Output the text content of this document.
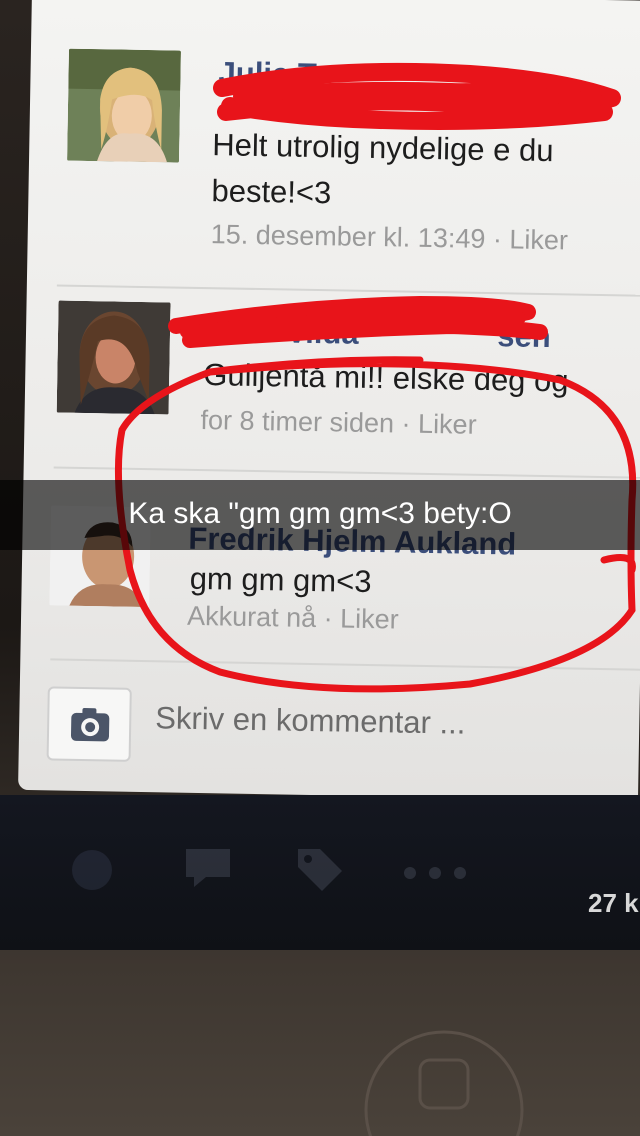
Julie T
Helt utrolig nydelige e du
beste!<3
15. desember kl. 13:49 · Liker
vildа	sen
Gulljentå mi!! elske deg og
for 8 timer siden · Liker
gm gm gm<3
Akkurat nå · Liker
Skriv en kommentar ...
27 k
Ka ska "gm gm gm<3 bety:O
